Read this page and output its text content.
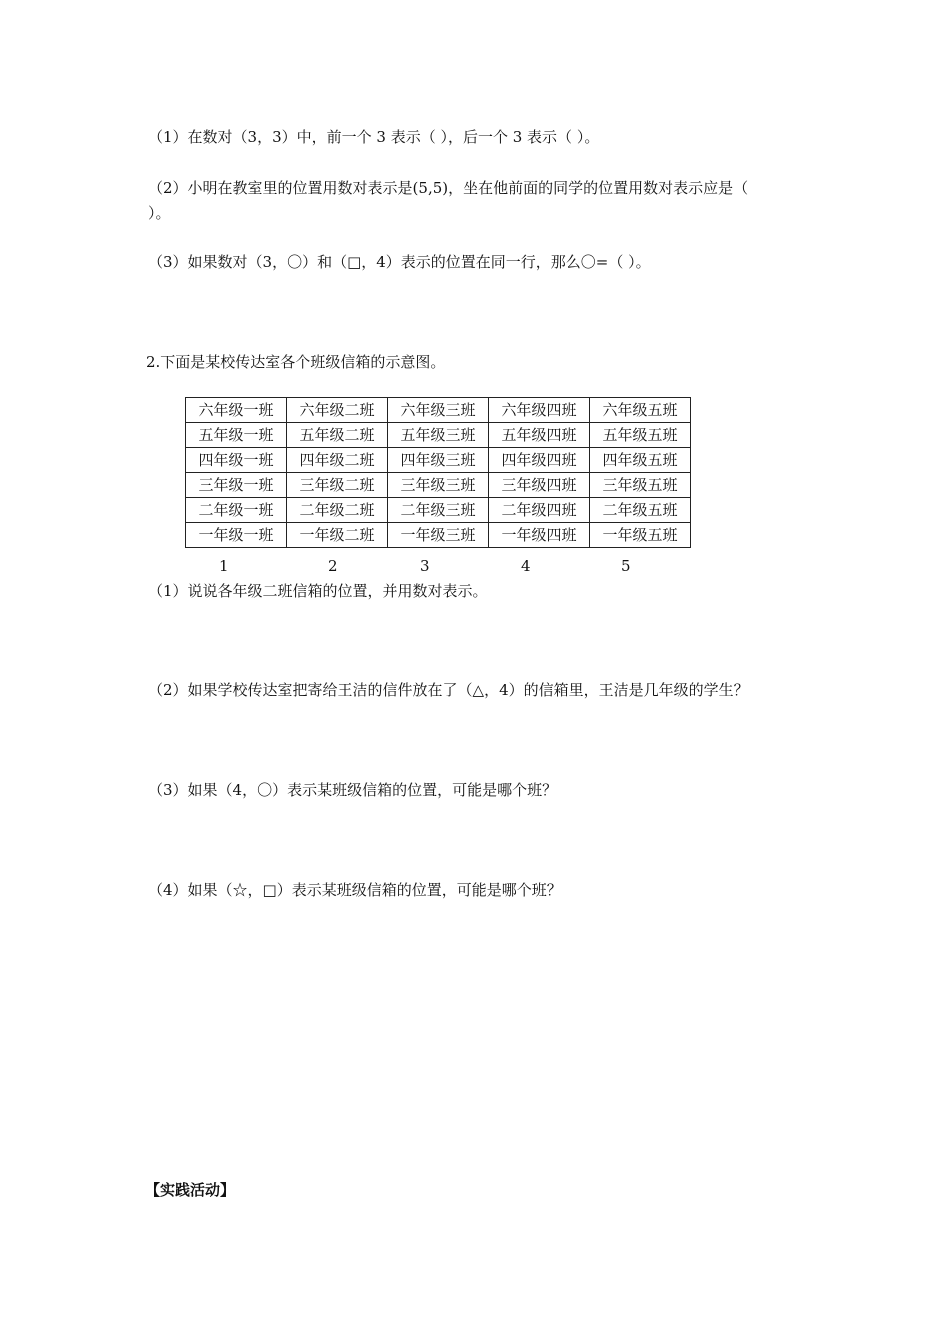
（1）在数对（3，3）中，前一个 3 表示（ ），后一个 3 表示（ ）。
（2）小明在教室里的位置用数对表示是(5,5)，坐在他前面的同学的位置用数对表示应是（
）。
（3）如果数对（3，〇）和（□，4）表示的位置在同一行，那么〇=（ ）。
2.下面是某校传达室各个班级信箱的示意图。
六年级一班	六年级二班	六年级三班	六年级四班	六年级五班
五年级一班	五年级二班	五年级三班	五年级四班	五年级五班
四年级一班	四年级二班	四年级三班	四年级四班	四年级五班
三年级一班	三年级二班	三年级三班	三年级四班	三年级五班
二年级一班	二年级二班	二年级三班	二年级四班	二年级五班
一年级一班	一年级二班	一年级三班	一年级四班	一年级五班
1	2	3	4	5
（1）说说各年级二班信箱的位置，并用数对表示。
（2）如果学校传达室把寄给王洁的信件放在了（△，4）的信箱里，王洁是几年级的学生？
（3）如果（4，〇）表示某班级信箱的位置，可能是哪个班？
（4）如果（☆，□）表示某班级信箱的位置，可能是哪个班？
【实践活动】
